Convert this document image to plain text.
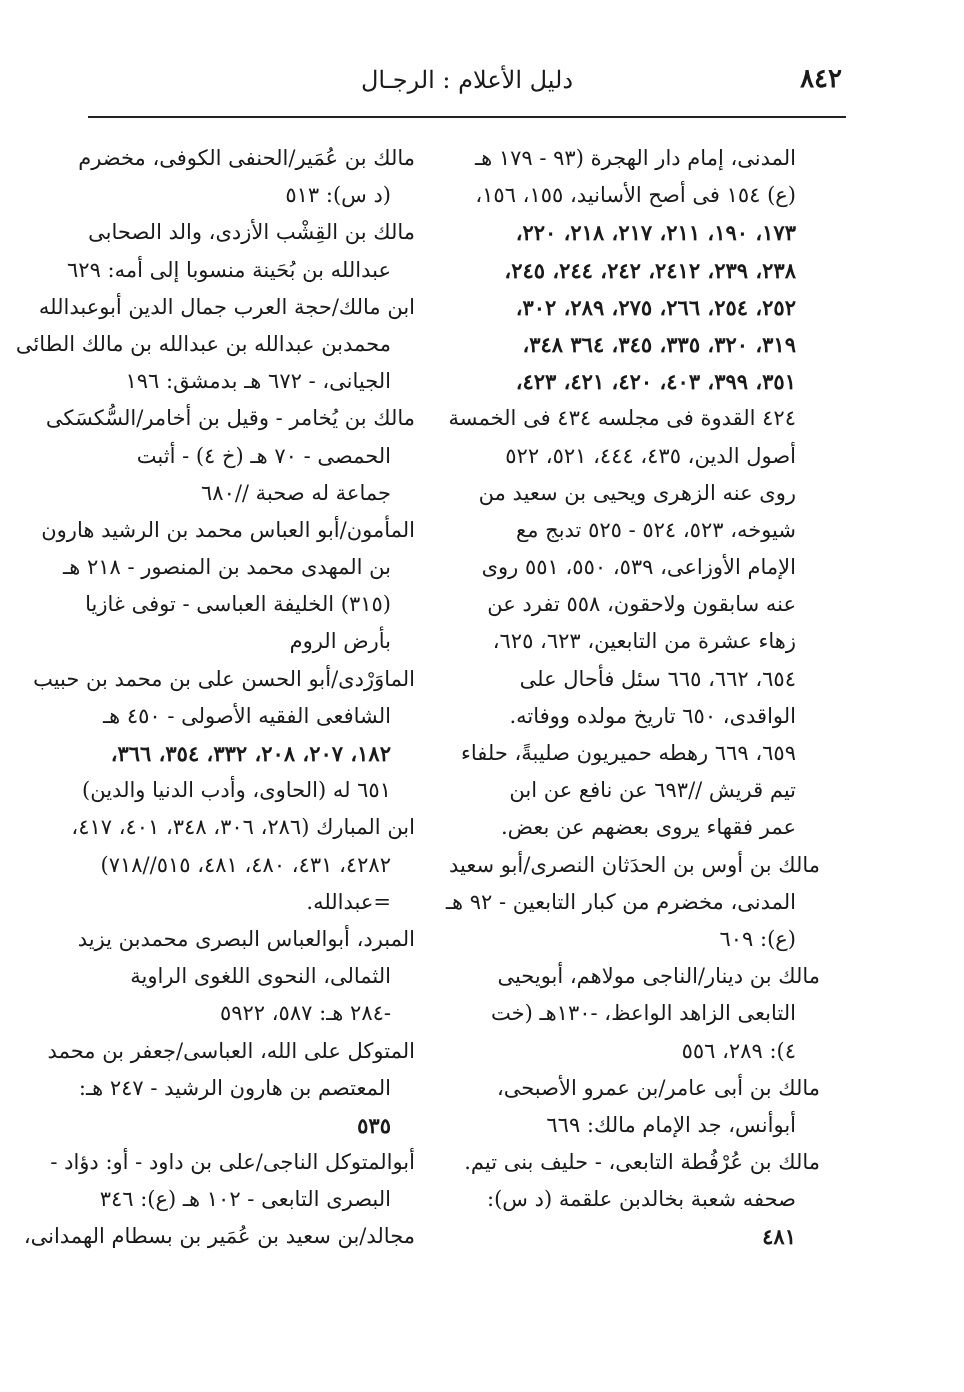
٨٤٢
دليل الأعلام : الرجـال
المدنى، إمام دار الهجرة (٩٣ - ١٧٩ هـ
(ع) ١٥٤ فى أصح الأسانيد، ١٥٥، ١٥٦،
١٧٣، ١٩٠، ٢١١، ٢١٧، ٢١٨، ٢٢٠،
٢٣٨، ٢٣٩، ٢٤١٢، ٢٤٢، ٢٤٤، ٢٤٥،
٢٥٢، ٢٥٤، ٢٦٦، ٢٧٥، ٢٨٩، ٣٠٢،
٣١٩، ٣٢٠، ٣٣٥، ٣٤٥، ٣٦٤ ٣٤٨،
٣٥١، ٣٩٩، ٤٠٣، ٤٢٠، ٤٢١، ٤٢٣،
٤٢٤ القدوة فى مجلسه ٤٣٤ فى الخمسة
أصول الدين، ٤٣٥، ٤٤٤، ٥٢١، ٥٢٢
روى عنه الزهرى ويحيى بن سعيد من
شيوخه، ٥٢٣، ٥٢٤ - ٥٢٥ تدبج مع
الإمام الأوزاعى، ٥٣٩، ٥٥٠، ٥٥١ روى
عنه سابقون ولاحقون، ٥٥٨ تفرد عن
زهاء عشرة من التابعين، ٦٢٣، ٦٢٥،
٦٥٤، ٦٦٢، ٦٦٥ سئل فأحال على
الواقدى، ٦٥٠ تاريخ مولده ووفاته.
٦٥٩، ٦٦٩ رهطه حميريون صليبةً، حلفاء
تيم قريش //٦٩٣ عن نافع عن ابن
عمر فقهاء يروى بعضهم عن بعض.
مالك بن أوس بن الحدَثان النصرى/أبو سعيد
المدنى، مخضرم من كبار التابعين - ٩٢ هـ
(ع): ٦٠٩
مالك بن دينار/الناجى مولاهم، أبويحيى
التابعى الزاهد الواعظ، -١٣٠هـ (خت
٤): ٢٨٩، ٥٥٦
مالك بن أبى عامر/بن عمرو الأصبحى،
أبوأنس، جد الإمام مالك: ٦٦٩
مالك بن عُرْفُطة التابعى، - حليف بنى تيم.
صحفه شعبة بخالدبن علقمة (د س):
٤٨١
مالك بن عُمَير/الحنفى الكوفى، مخضرم
(د س): ٥١٣
مالك بن القِشْب الأزدى، والد الصحابى
عبدالله بن بُحَينة منسوبا إلى أمه: ٦٢٩
ابن مالك/حجة العرب جمال الدين أبوعبدالله
محمدبن عبدالله بن عبدالله بن مالك الطائى
الجيانى، - ٦٧٢ هـ بدمشق: ١٩٦
مالك بن يُخامر - وقيل بن أخامر/السُّكسَكى
الحمصى - ٧٠ هـ (خ ٤) - أثبت
جماعة له صحبة //٦٨٠
المأمون/أبو العباس محمد بن الرشيد هارون
بن المهدى محمد بن المنصور - ٢١٨ هـ
(٣١٥) الخليفة العباسى - توفى غازيا
بأرض الروم
الماوَرْدى/أبو الحسن على بن محمد بن حبيب
الشافعى الفقيه الأصولى - ٤٥٠ هـ
١٨٢، ٢٠٧، ٢٠٨، ٣٣٢، ٣٥٤، ٣٦٦،
٦٥١ له (الحاوى، وأدب الدنيا والدين)
ابن المبارك (٢٨٦، ٣٠٦، ٣٤٨، ٤٠١، ٤١٧،
٤٢٨٢، ٤٣١، ٤٨٠، ٤٨١، ٥١٥//٧١٨)
=عبدالله.
المبرد، أبوالعباس البصرى محمدبن يزيد
الثمالى، النحوى اللغوى الراوية
-٢٨٤ هـ: ٥٨٧، ٥٩٢٢
المتوكل على الله، العباسى/جعفر بن محمد
المعتصم بن هارون الرشيد - ٢٤٧ هـ:
٥٣٥
أبوالمتوكل الناجى/على بن داود - أو: دؤاد -
البصرى التابعى - ١٠٢ هـ (ع): ٣٤٦
مجالد/بن سعيد بن عُمَير بن بسطام الهمدانى،
